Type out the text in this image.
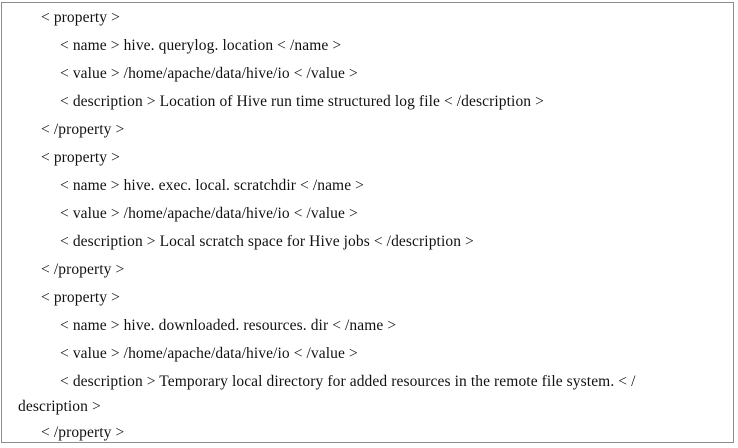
< property >
< name > hive. querylog. location < /name >
< value > /home/apache/data/hive/io < /value >
< description > Location of Hive run time structured log file < /description >
< /property >
< property >
< name > hive. exec. local. scratchdir < /name >
< value > /home/apache/data/hive/io < /value >
< description > Local scratch space for Hive jobs < /description >
< /property >
< property >
< name > hive. downloaded. resources. dir < /name >
< value > /home/apache/data/hive/io < /value >
< description > Temporary local directory for added resources in the remote file system. < /
description >
< /property >
